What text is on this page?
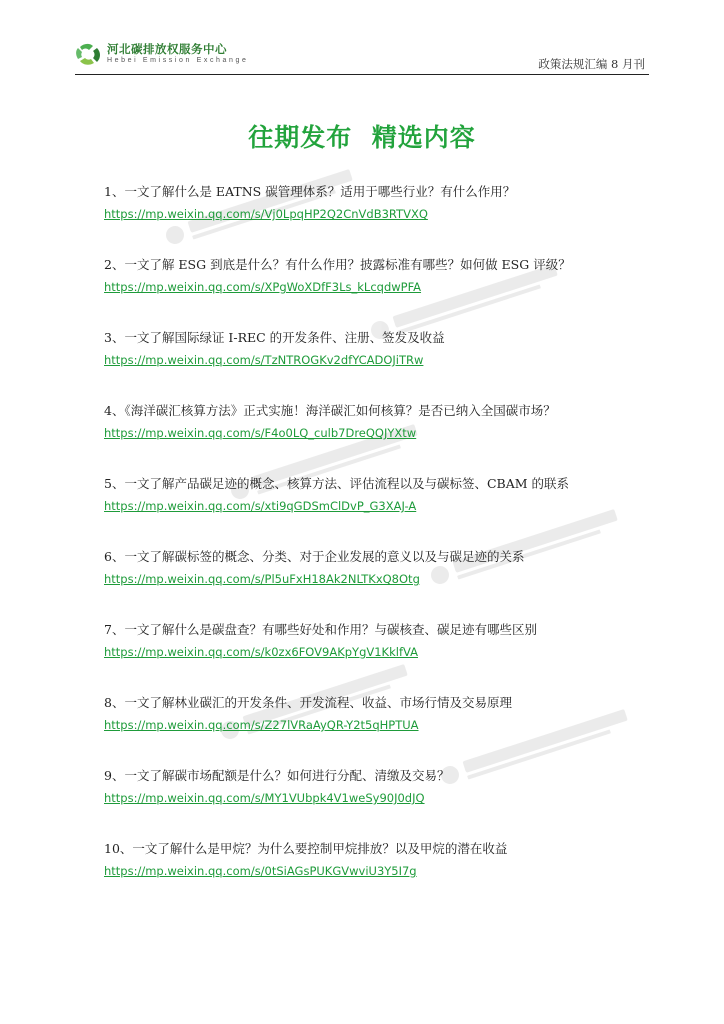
河北碳排放权服务中心
Hebei Emission Exchange	政策法规汇编 8 月刊
往期发布  精选内容
1、一文了解什么是 EATNS 碳管理体系？适用于哪些行业？有什么作用？
https://mp.weixin.qq.com/s/Vj0LpqHP2Q2CnVdB3RTVXQ
2、一文了解 ESG 到底是什么？有什么作用？披露标准有哪些？如何做 ESG 评级？
https://mp.weixin.qq.com/s/XPgWoXDfF3Ls_kLcqdwPFA
3、一文了解国际绿证 I-REC 的开发条件、注册、签发及收益
https://mp.weixin.qq.com/s/TzNTROGKv2dfYCADOJiTRw
4、《海洋碳汇核算方法》正式实施！海洋碳汇如何核算？是否已纳入全国碳市场？
https://mp.weixin.qq.com/s/F4o0LQ_culb7DreQQJYXtw
5、一文了解产品碳足迹的概念、核算方法、评估流程以及与碳标签、CBAM 的联系
https://mp.weixin.qq.com/s/xti9qGDSmClDvP_G3XAJ-A
6、一文了解碳标签的概念、分类、对于企业发展的意义以及与碳足迹的关系
https://mp.weixin.qq.com/s/Pl5uFxH18Ak2NLTKxQ8Otg
7、一文了解什么是碳盘查？有哪些好处和作用？与碳核查、碳足迹有哪些区别
https://mp.weixin.qq.com/s/k0zx6FOV9AKpYgV1KklfVA
8、一文了解林业碳汇的开发条件、开发流程、收益、市场行情及交易原理
https://mp.weixin.qq.com/s/Z27lVRaAyQR-Y2t5qHPTUA
9、一文了解碳市场配额是什么？如何进行分配、清缴及交易？
https://mp.weixin.qq.com/s/MY1VUbpk4V1weSy90J0dJQ
10、一文了解什么是甲烷？为什么要控制甲烷排放？以及甲烷的潜在收益
https://mp.weixin.qq.com/s/0tSiAGsPUKGVwviU3Y5I7g
